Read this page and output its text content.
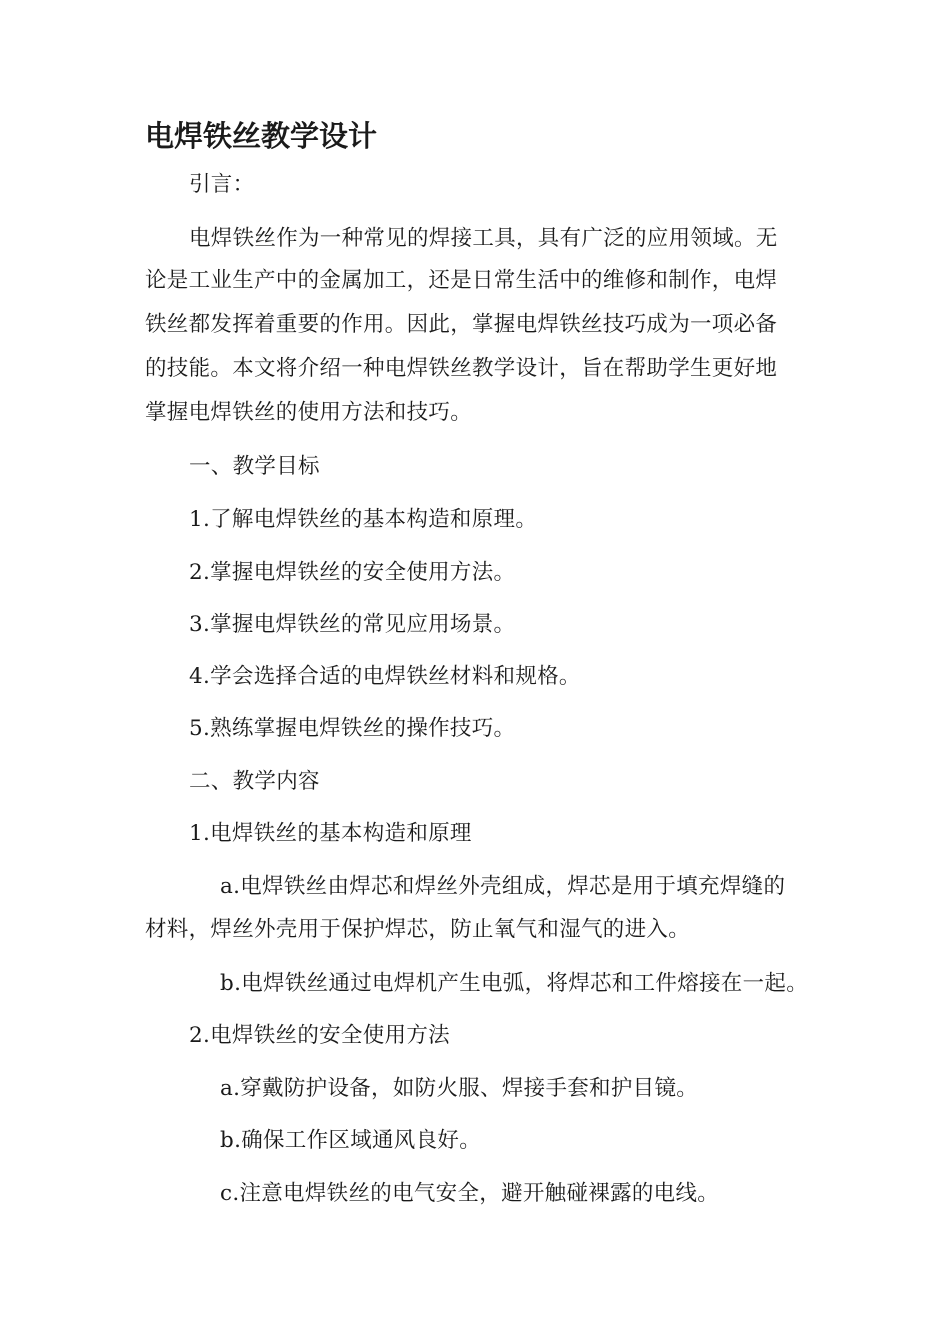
电焊铁丝教学设计

引言：

电焊铁丝作为一种常见的焊接工具，具有广泛的应用领域。无

论是工业生产中的金属加工，还是日常生活中的维修和制作，电焊

铁丝都发挥着重要的作用。因此，掌握电焊铁丝技巧成为一项必备

的技能。本文将介绍一种电焊铁丝教学设计，旨在帮助学生更好地

掌握电焊铁丝的使用方法和技巧。

一、教学目标

1.了解电焊铁丝的基本构造和原理。

2.掌握电焊铁丝的安全使用方法。

3.掌握电焊铁丝的常见应用场景。

4.学会选择合适的电焊铁丝材料和规格。

5.熟练掌握电焊铁丝的操作技巧。

二、教学内容

1.电焊铁丝的基本构造和原理

a.电焊铁丝由焊芯和焊丝外壳组成，焊芯是用于填充焊缝的

材料，焊丝外壳用于保护焊芯，防止氧气和湿气的进入。

b.电焊铁丝通过电焊机产生电弧，将焊芯和工件熔接在一起。

2.电焊铁丝的安全使用方法

a.穿戴防护设备，如防火服、焊接手套和护目镜。

b.确保工作区域通风良好。

c.注意电焊铁丝的电气安全，避开触碰裸露的电线。
